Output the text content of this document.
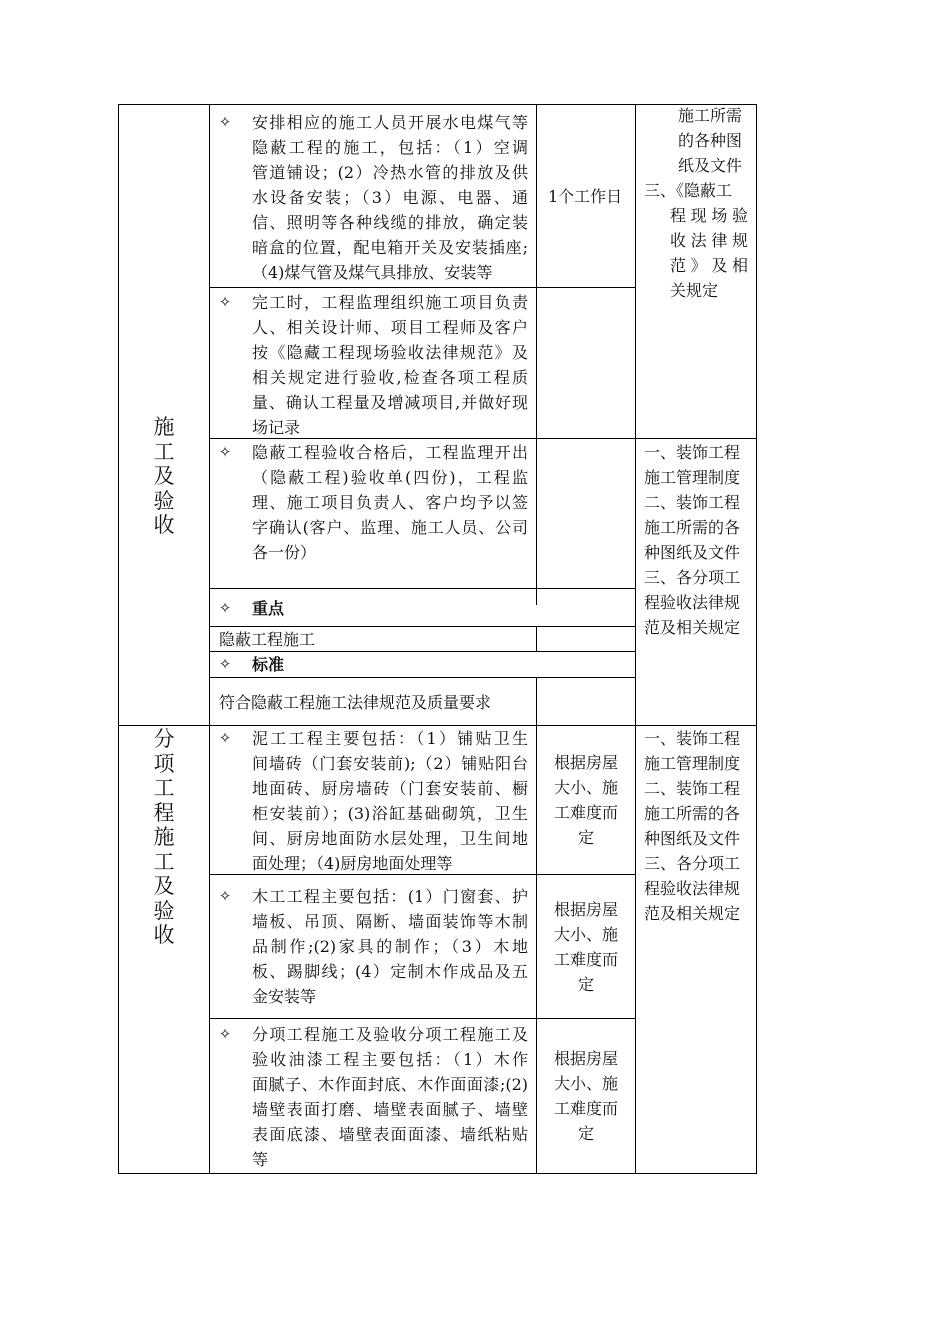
施工及验收
✧ 安排相应的施工人员开展水电煤气等
隐蔽工程的施工，包括：（1）空调
管道铺设；(2）冷热水管的排放及供
水设备安装；（3）电源、电器、通
信、照明等各种线缆的排放，确定装
暗盒的位置，配电箱开关及安装插座;
（4)煤气管及煤气具排放、安装等
1个工作日
✧ 完工时，工程监理组织施工项目负责
人、相关设计师、项目工程师及客户
按《隐藏工程现场验收法律规范》及
相关规定进行验收,检查各项工程质
量、确认工程量及增减项目,并做好现
场记录
✧ 隐蔽工程验收合格后，工程监理开出
（隐蔽工程)验收单(四份)，工程监
理、施工项目负责人、客户均予以签
字确认(客户、监理、施工人员、公司
各一份）
✧ 重点
隐蔽工程施工
✧ 标准
符合隐蔽工程施工法律规范及质量要求
施工所需
的各种图
纸及文件
三、《隐蔽工
程现场验
收法律规
范》及相
关规定
一、装饰工程
施工管理制度
二、装饰工程
施工所需的各
种图纸及文件
三、各分项工
程验收法律规
范及相关规定
分项工程施工及验收
✧ 泥工工程主要包括：（1）铺贴卫生
间墙砖（门套安装前);（2）铺贴阳台
地面砖、厨房墙砖（门套安装前、橱
柜安装前）；(3)浴缸基础砌筑，卫生
间、厨房地面防水层处理，卫生间地
面处理；（4)厨房地面处理等
根据房屋
大小、施
工难度而
定
✧ 木工工程主要包括：(1）门窗套、护
墙板、吊顶、隔断、墙面装饰等木制
品制作;(2)家具的制作；（3）木地
板、踢脚线；(4）定制木作成品及五
金安装等
根据房屋
大小、施
工难度而
定
✧ 分项工程施工及验收分项工程施工及
验收油漆工程主要包括：（1）木作
面腻子、木作面封底、木作面面漆;(2)
墙壁表面打磨、墙壁表面腻子、墙壁
表面底漆、墙壁表面面漆、墙纸粘贴
等
根据房屋
大小、施
工难度而
定
一、装饰工程
施工管理制度
二、装饰工程
施工所需的各
种图纸及文件
三、各分项工
程验收法律规
范及相关规定
